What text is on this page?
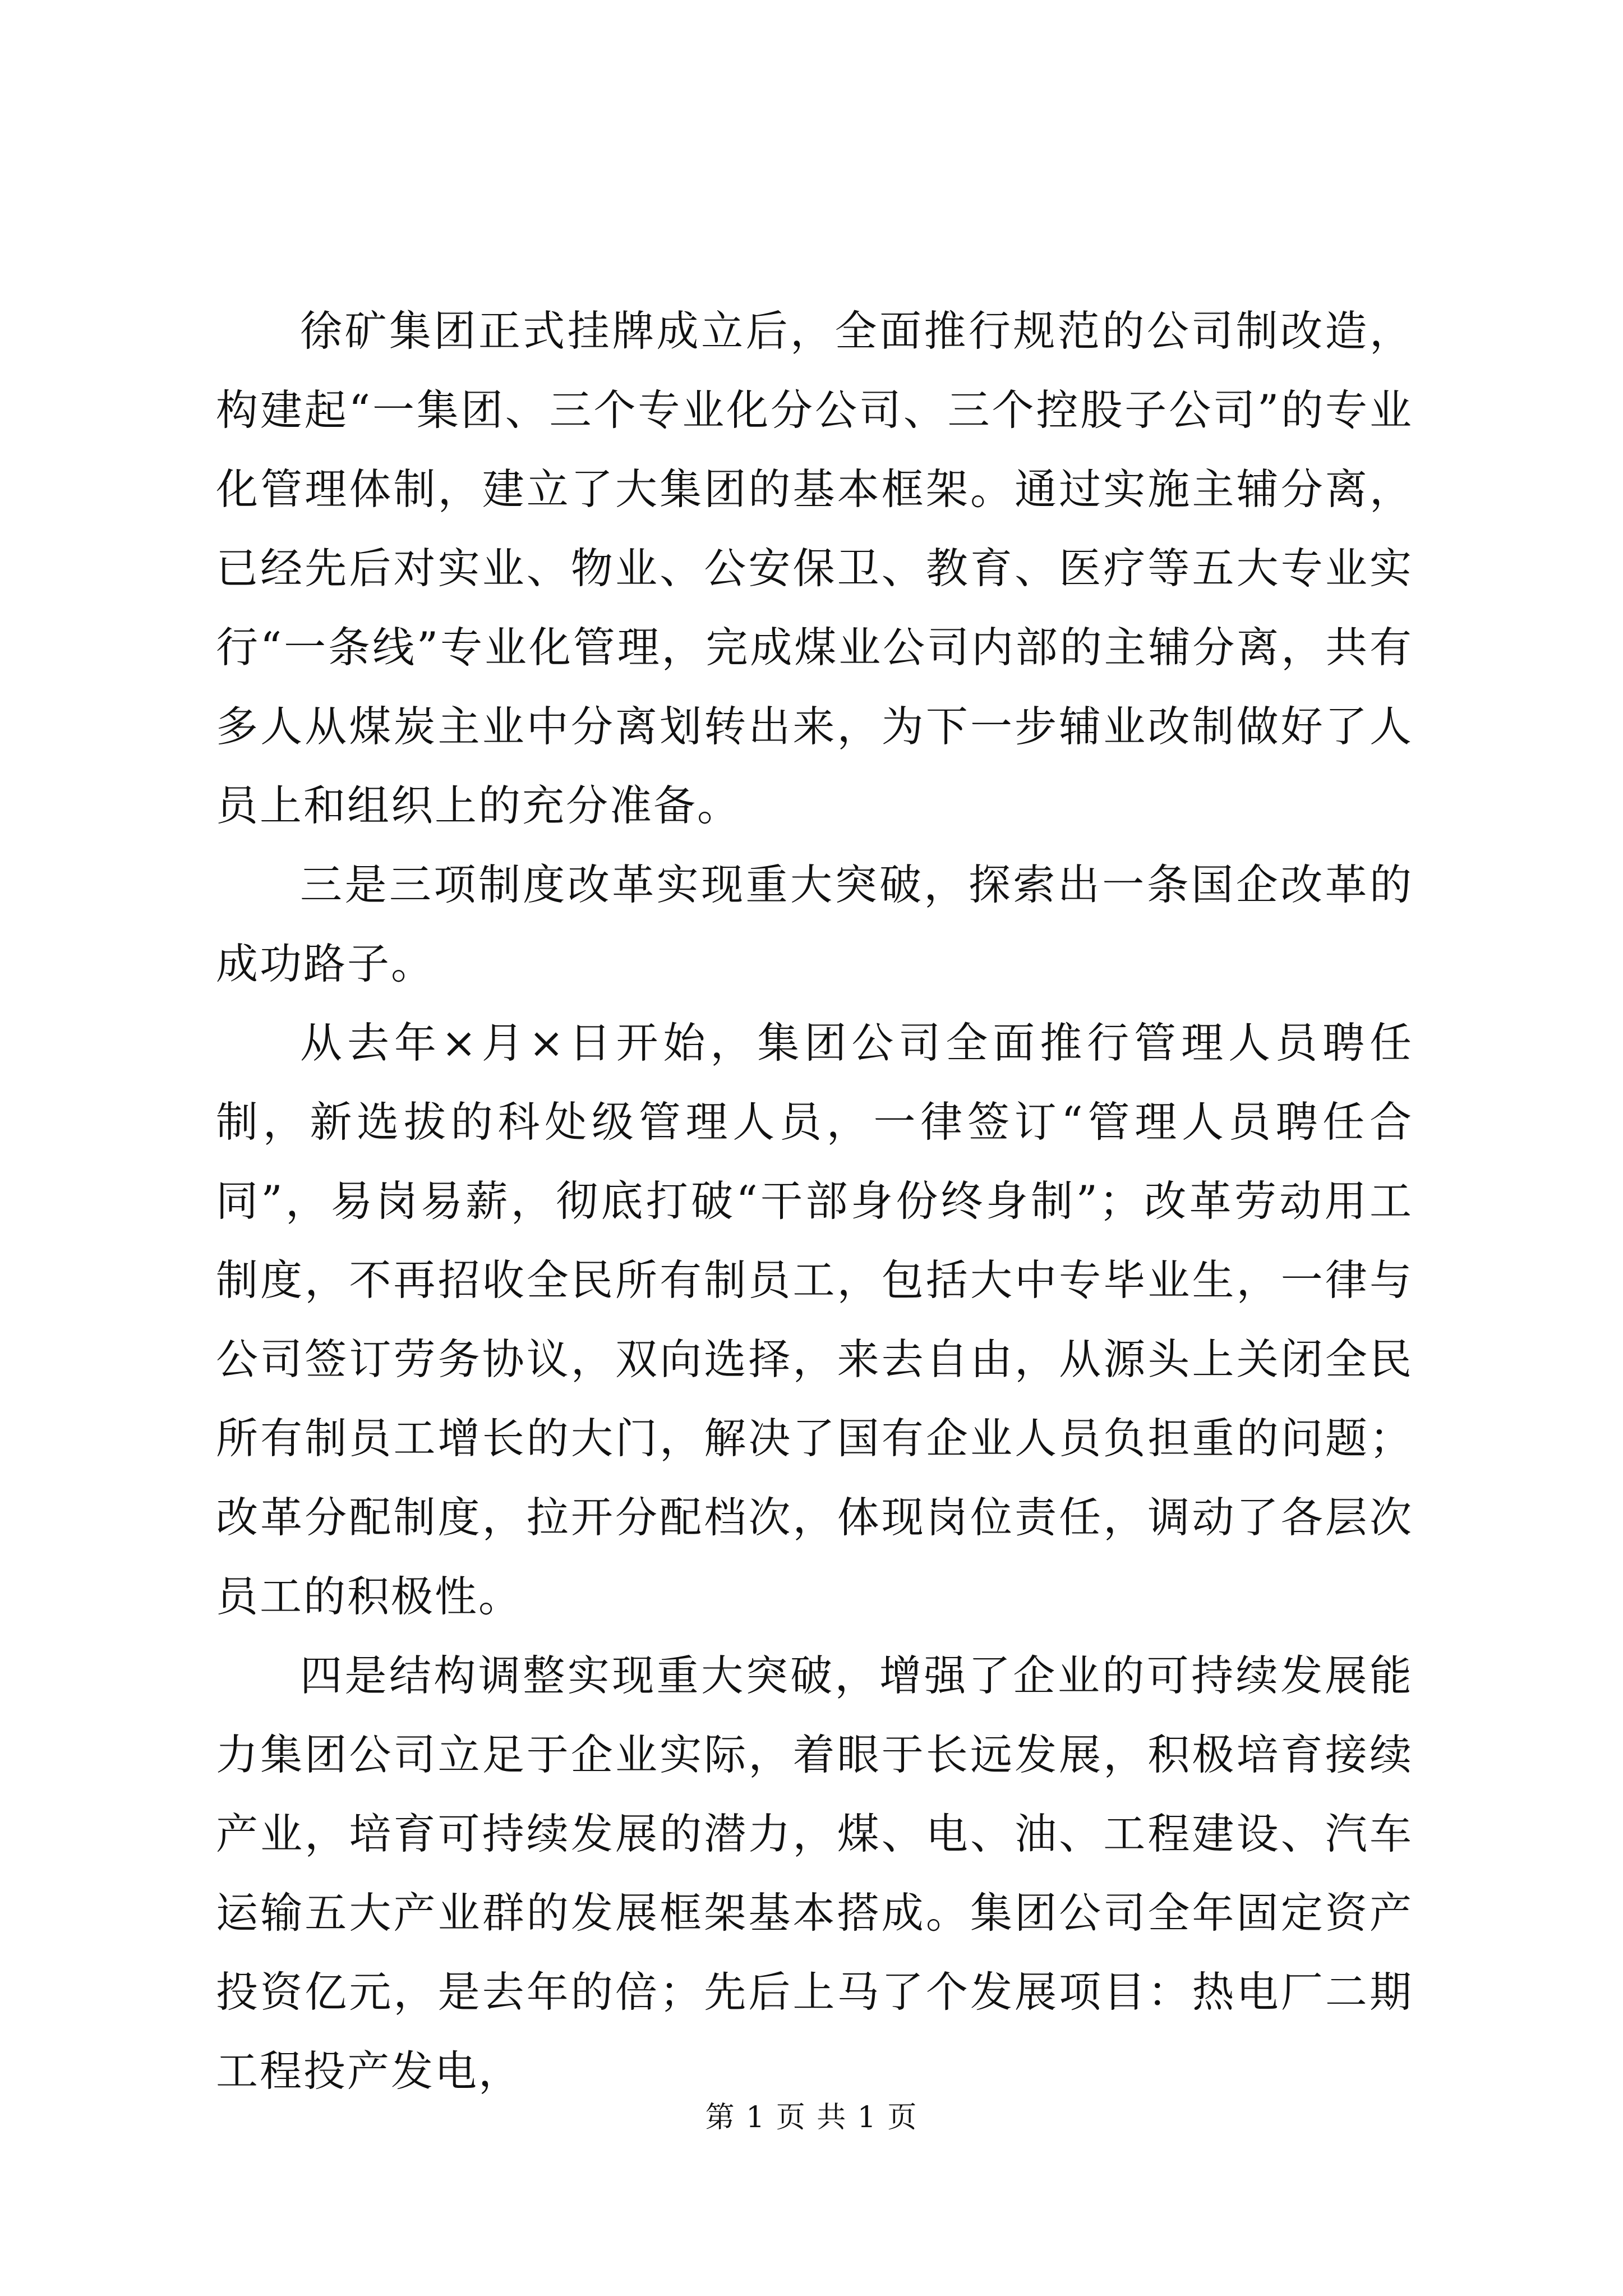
徐矿集团正式挂牌成立后，全面推行规范的公司制改造，构建起“一集团、三个专业化分公司、三个控股子公司”的专业化管理体制，建立了大集团的基本框架。通过实施主辅分离，已经先后对实业、物业、公安保卫、教育、医疗等五大专业实行“一条线”专业化管理，完成煤业公司内部的主辅分离，共有多人从煤炭主业中分离划转出来，为下一步辅业改制做好了人员上和组织上的充分准备。

三是三项制度改革实现重大突破，探索出一条国企改革的成功路子。

从去年×月×日开始，集团公司全面推行管理人员聘任制，新选拔的科处级管理人员，一律签订“管理人员聘任合同”，易岗易薪，彻底打破“干部身份终身制”；改革劳动用工制度，不再招收全民所有制员工，包括大中专毕业生，一律与公司签订劳务协议，双向选择，来去自由，从源头上关闭全民所有制员工增长的大门，解决了国有企业人员负担重的问题；改革分配制度，拉开分配档次，体现岗位责任，调动了各层次员工的积极性。

四是结构调整实现重大突破，增强了企业的可持续发展能力集团公司立足于企业实际，着眼于长远发展，积极培育接续产业，培育可持续发展的潜力，煤、电、油、工程建设、汽车运输五大产业群的发展框架基本搭成。集团公司全年固定资产投资亿元，是去年的倍；先后上马了个发展项目：热电厂二期工程投产发电，

第 1 页 共 1 页
